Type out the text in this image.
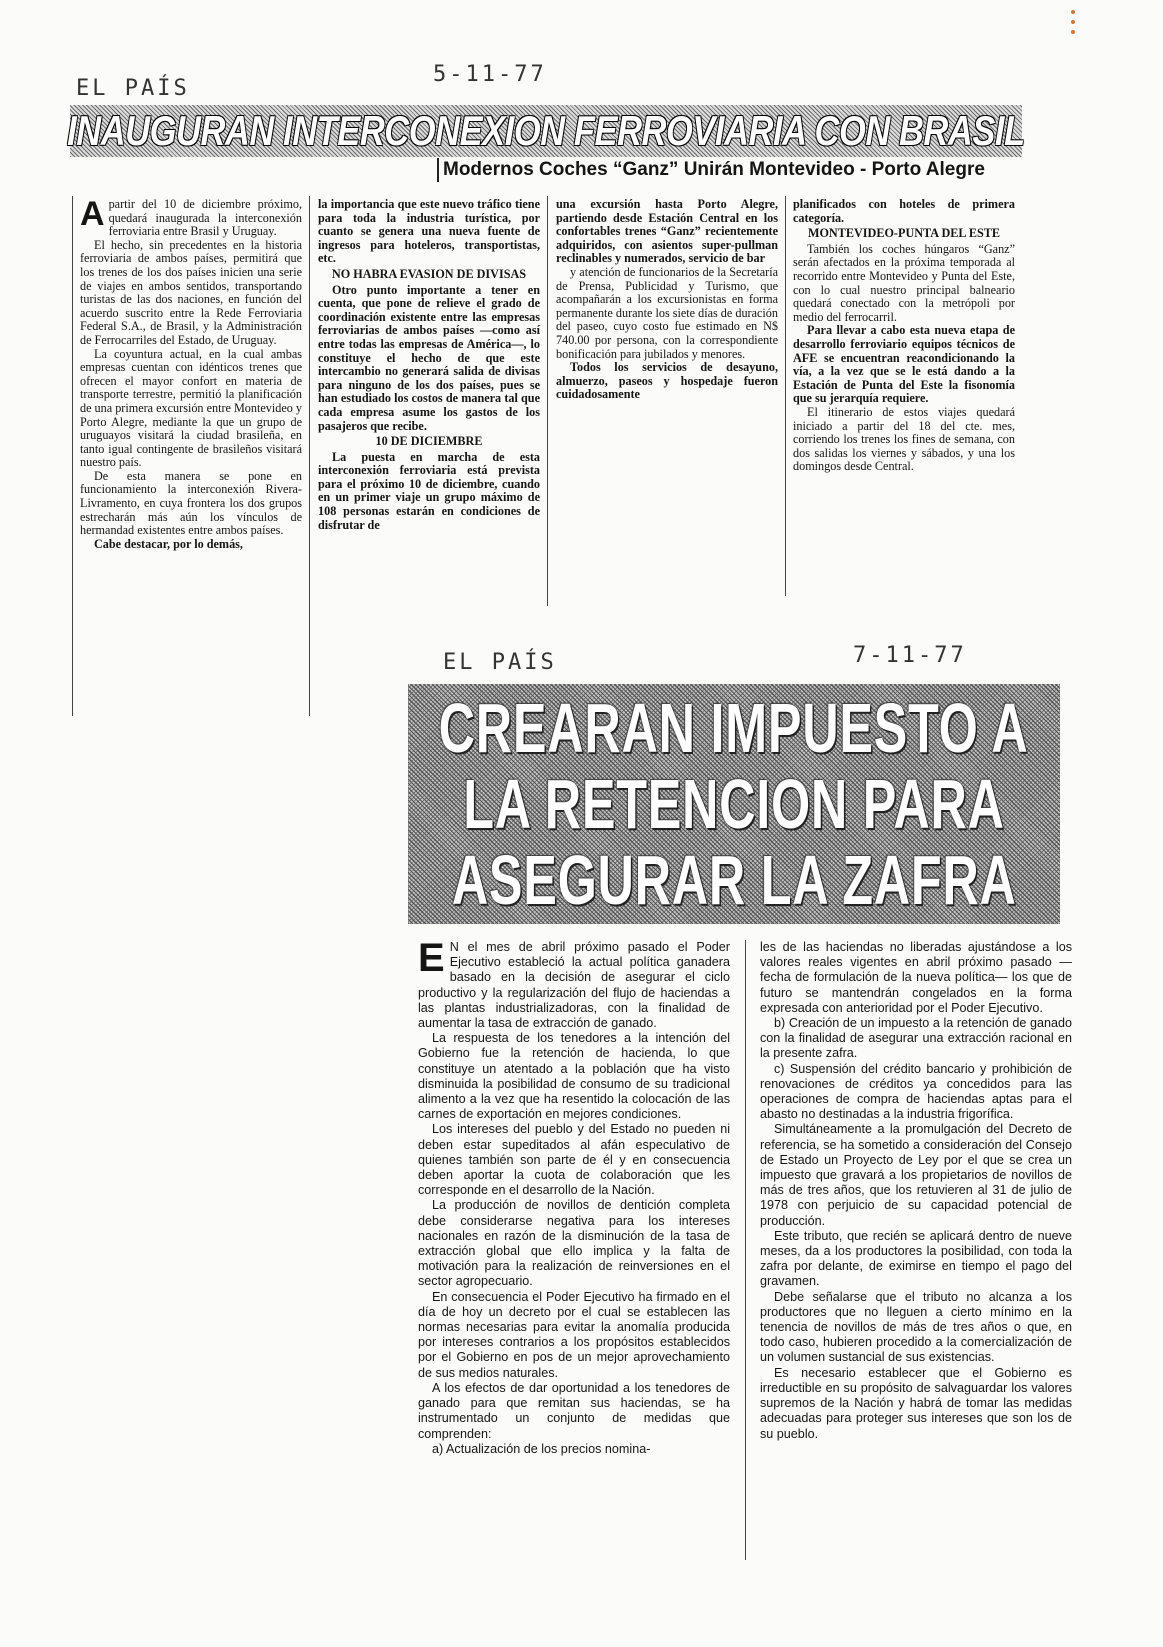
EL PAÍS
5-11-77
INAUGURAN INTERCONEXION FERROVIARIA CON BRASIL
Modernos Coches “Ganz” Unirán Montevideo - Porto Alegre

Apartir del 10 de diciembre próximo, quedará inaugurada la interconexión ferroviaria entre Brasil y Uruguay.

El hecho, sin precedentes en la historia ferroviaria de ambos países, permitirá que los trenes de los dos países inicien una serie de viajes en ambos sentidos, transportando turistas de las dos naciones, en función del acuerdo suscrito entre la Rede Ferroviaria Federal S.A., de Brasil, y la Administración de Ferrocarriles del Estado, de Uruguay.

La coyuntura actual, en la cual ambas empresas cuentan con idénticos trenes que ofrecen el mayor confort en materia de transporte terrestre, permitió la planificación de una primera excursión entre Montevideo y Porto Alegre, mediante la que un grupo de uruguayos visitará la ciudad brasileña, en tanto igual contingente de brasileños visitará nuestro país.

De esta manera se pone en funcionamiento la interconexión Rivera-Livramento, en cuya frontera los dos grupos estrecharán más aún los vínculos de hermandad existentes entre ambos países.

Cabe destacar, por lo demás,

la importancia que este nuevo tráfico tiene para toda la industria turística, por cuanto se genera una nueva fuente de ingresos para hoteleros, transportistas, etc.

NO HABRA EVASION DE DIVISAS

Otro punto importante a tener en cuenta, que pone de relieve el grado de coordinación existente entre las empresas ferroviarias de ambos países —como así entre todas las empresas de América—, lo constituye el hecho de que este intercambio no generará salida de divisas para ninguno de los dos países, pues se han estudiado los costos de manera tal que cada empresa asume los gastos de los pasajeros que recibe.

10 DE DICIEMBRE

La puesta en marcha de esta interconexión ferroviaria está prevista para el próximo 10 de diciembre, cuando en un primer viaje un grupo máximo de 108 personas estarán en condiciones de disfrutar de

una excursión hasta Porto Alegre, partiendo desde Estación Central en los confortables trenes “Ganz” recientemente adquiridos, con asientos super-pullman reclinables y numerados, servicio de bar

y atención de funcionarios de la Secretaría de Prensa, Publicidad y Turismo, que acompañarán a los excursionistas en forma permanente durante los siete días de duración del paseo, cuyo costo fue estimado en N$ 740.00 por persona, con la correspondiente bonificación para jubilados y menores.

Todos los servicios de desayuno, almuerzo, paseos y hospedaje fueron cuidadosamente

planificados con hoteles de primera categoría.

MONTEVIDEO-PUNTA DEL ESTE

También los coches húngaros “Ganz” serán afectados en la próxima temporada al recorrido entre Montevideo y Punta del Este, con lo cual nuestro principal balneario quedará conectado con la metrópoli por medio del ferrocarril.

Para llevar a cabo esta nueva etapa de desarrollo ferroviario equipos técnicos de AFE se encuentran reacondicionando la vía, a la vez que se le está dando a la Estación de Punta del Este la fisonomía que su jerarquía requiere.

El itinerario de estos viajes quedará iniciado a partir del 18 del cte. mes, corriendo los trenes los fines de semana, con dos salidas los viernes y sábados, y una los domingos desde Central.

EL PAÍS	7-11-77
CREARAN IMPUESTO A
LA RETENCION PARA
ASEGURAR LA ZAFRA

E N el mes de abril próximo pasado el Poder Ejecutivo estableció la actual política ganadera basado en la decisión de asegurar el ciclo productivo y la regularización del flujo de haciendas a las plantas industrializadoras, con la finalidad de aumentar la tasa de extracción de ganado.

La respuesta de los tenedores a la intención del Gobierno fue la retención de hacienda, lo que constituye un atentado a la población que ha visto disminuida la posibilidad de consumo de su tradicional alimento a la vez que ha resentido la colocación de las carnes de exportación en mejores condiciones.

Los intereses del pueblo y del Estado no pueden ni deben estar supeditados al afán especulativo de quienes también son parte de él y en consecuencia deben aportar la cuota de colaboración que les corresponde en el desarrollo de la Nación.

La producción de novillos de dentición completa debe considerarse negativa para los intereses nacionales en razón de la disminución de la tasa de extracción global que ello implica y la falta de motivación para la realización de reinversiones en el sector agropecuario.

En consecuencia el Poder Ejecutivo ha firmado en el día de hoy un decreto por el cual se establecen las normas necesarias para evitar la anomalía producida por intereses contrarios a los propósitos establecidos por el Gobierno en pos de un mejor aprovechamiento de sus medios naturales.

A los efectos de dar oportunidad a los tenedores de ganado para que remitan sus haciendas, se ha instrumentado un conjunto de medidas que comprenden:

a) Actualización de los precios nomina-

les de las haciendas no liberadas ajustándose a los valores reales vigentes en abril próximo pasado —fecha de formulación de la nueva política— los que de futuro se mantendrán congelados en la forma expresada con anterioridad por el Poder Ejecutivo.

b) Creación de un impuesto a la retención de ganado con la finalidad de asegurar una extracción racional en la presente zafra.

c) Suspensión del crédito bancario y prohibición de renovaciones de créditos ya concedidos para las operaciones de compra de haciendas aptas para el abasto no destinadas a la industria frigorífica.

Simultáneamente a la promulgación del Decreto de referencia, se ha sometido a consideración del Consejo de Estado un Proyecto de Ley por el que se crea un impuesto que gravará a los propietarios de novillos de más de tres años, que los retuvieren al 31 de julio de 1978 con perjuicio de su capacidad potencial de producción.

Este tributo, que recién se aplicará dentro de nueve meses, da a los productores la posibilidad, con toda la zafra por delante, de eximirse en tiempo el pago del gravamen.

Debe señalarse que el tributo no alcanza a los productores que no lleguen a cierto mínimo en la tenencia de novillos de más de tres años o que, en todo caso, hubieren procedido a la comercialización de un volumen sustancial de sus existencias.

Es necesario establecer que el Gobierno es irreductible en su propósito de salvaguardar los valores supremos de la Nación y habrá de tomar las medidas adecuadas para proteger sus intereses que son los de su pueblo.
